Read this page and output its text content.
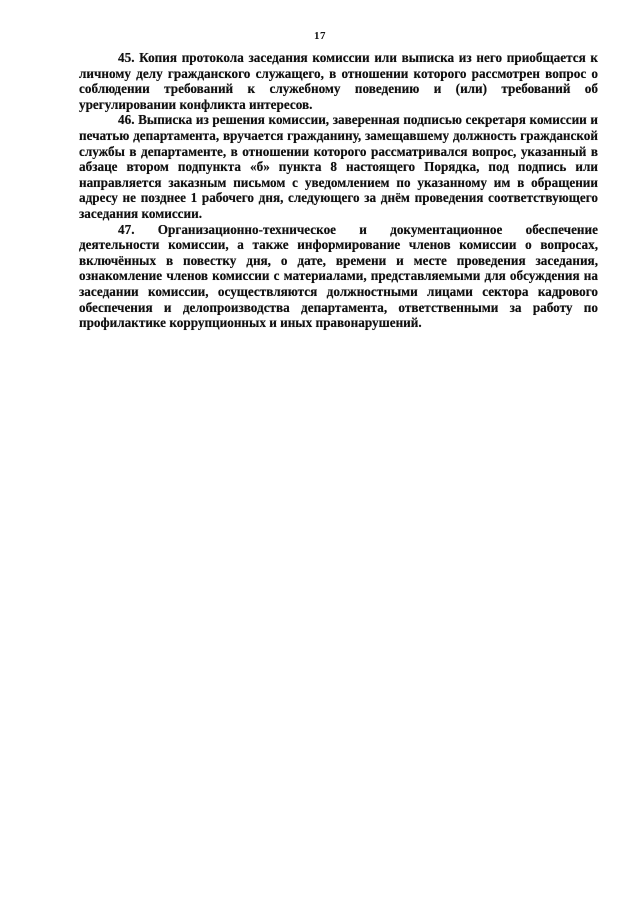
17

45. Копия протокола заседания комиссии или выписка из него приобщается к личному делу гражданского служащего, в отношении которого рассмотрен вопрос о соблюдении требований к служебному поведению и (или) требований об урегулировании конфликта интересов.

46. Выписка из решения комиссии, заверенная подписью секретаря комиссии и печатью департамента, вручается гражданину, замещавшему должность гражданской службы в департаменте, в отношении которого рассматривался вопрос, указанный в абзаце втором подпункта «б» пункта 8 настоящего Порядка, под подпись или направляется заказным письмом с уведомлением по указанному им в обращении адресу не позднее 1 рабочего дня, следующего за днём проведения соответствующего заседания комиссии.

47. Организационно-техническое и документационное обеспечение деятельности комиссии, а также информирование членов комиссии о вопросах, включённых в повестку дня, о дате, времени и месте проведения заседания, ознакомление членов комиссии с материалами, представляемыми для обсуждения на заседании комиссии, осуществляются должностными лицами сектора кадрового обеспечения и делопроизводства департамента, ответственными за работу по профилактике коррупционных и иных правонарушений.
